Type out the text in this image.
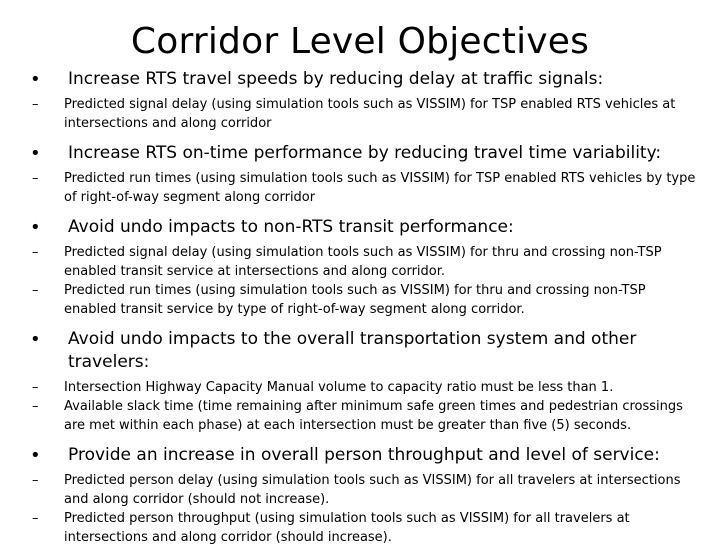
Corridor Level Objectives
• Increase RTS travel speeds by reducing delay at traffic signals:
– Predicted signal delay (using simulation tools such as VISSIM) for TSP enabled RTS vehicles at intersections and along corridor
• Increase RTS on-time performance by reducing travel time variability:
– Predicted run times (using simulation tools such as VISSIM) for TSP enabled RTS vehicles by type of right-of-way segment along corridor
• Avoid undo impacts to non-RTS transit performance:
– Predicted signal delay (using simulation tools such as VISSIM) for thru and crossing non-TSP enabled transit service at intersections and along corridor.
– Predicted run times (using simulation tools such as VISSIM) for thru and crossing non-TSP enabled transit service by type of right-of-way segment along corridor.
• Avoid undo impacts to the overall transportation system and other travelers:
– Intersection Highway Capacity Manual volume to capacity ratio must be less than 1.
– Available slack time (time remaining after minimum safe green times and pedestrian crossings are met within each phase) at each intersection must be greater than five (5) seconds.
• Provide an increase in overall person throughput and level of service:
– Predicted person delay (using simulation tools such as VISSIM) for all travelers at intersections and along corridor (should not increase).
– Predicted person throughput (using simulation tools such as VISSIM) for all travelers at intersections and along corridor (should increase).
